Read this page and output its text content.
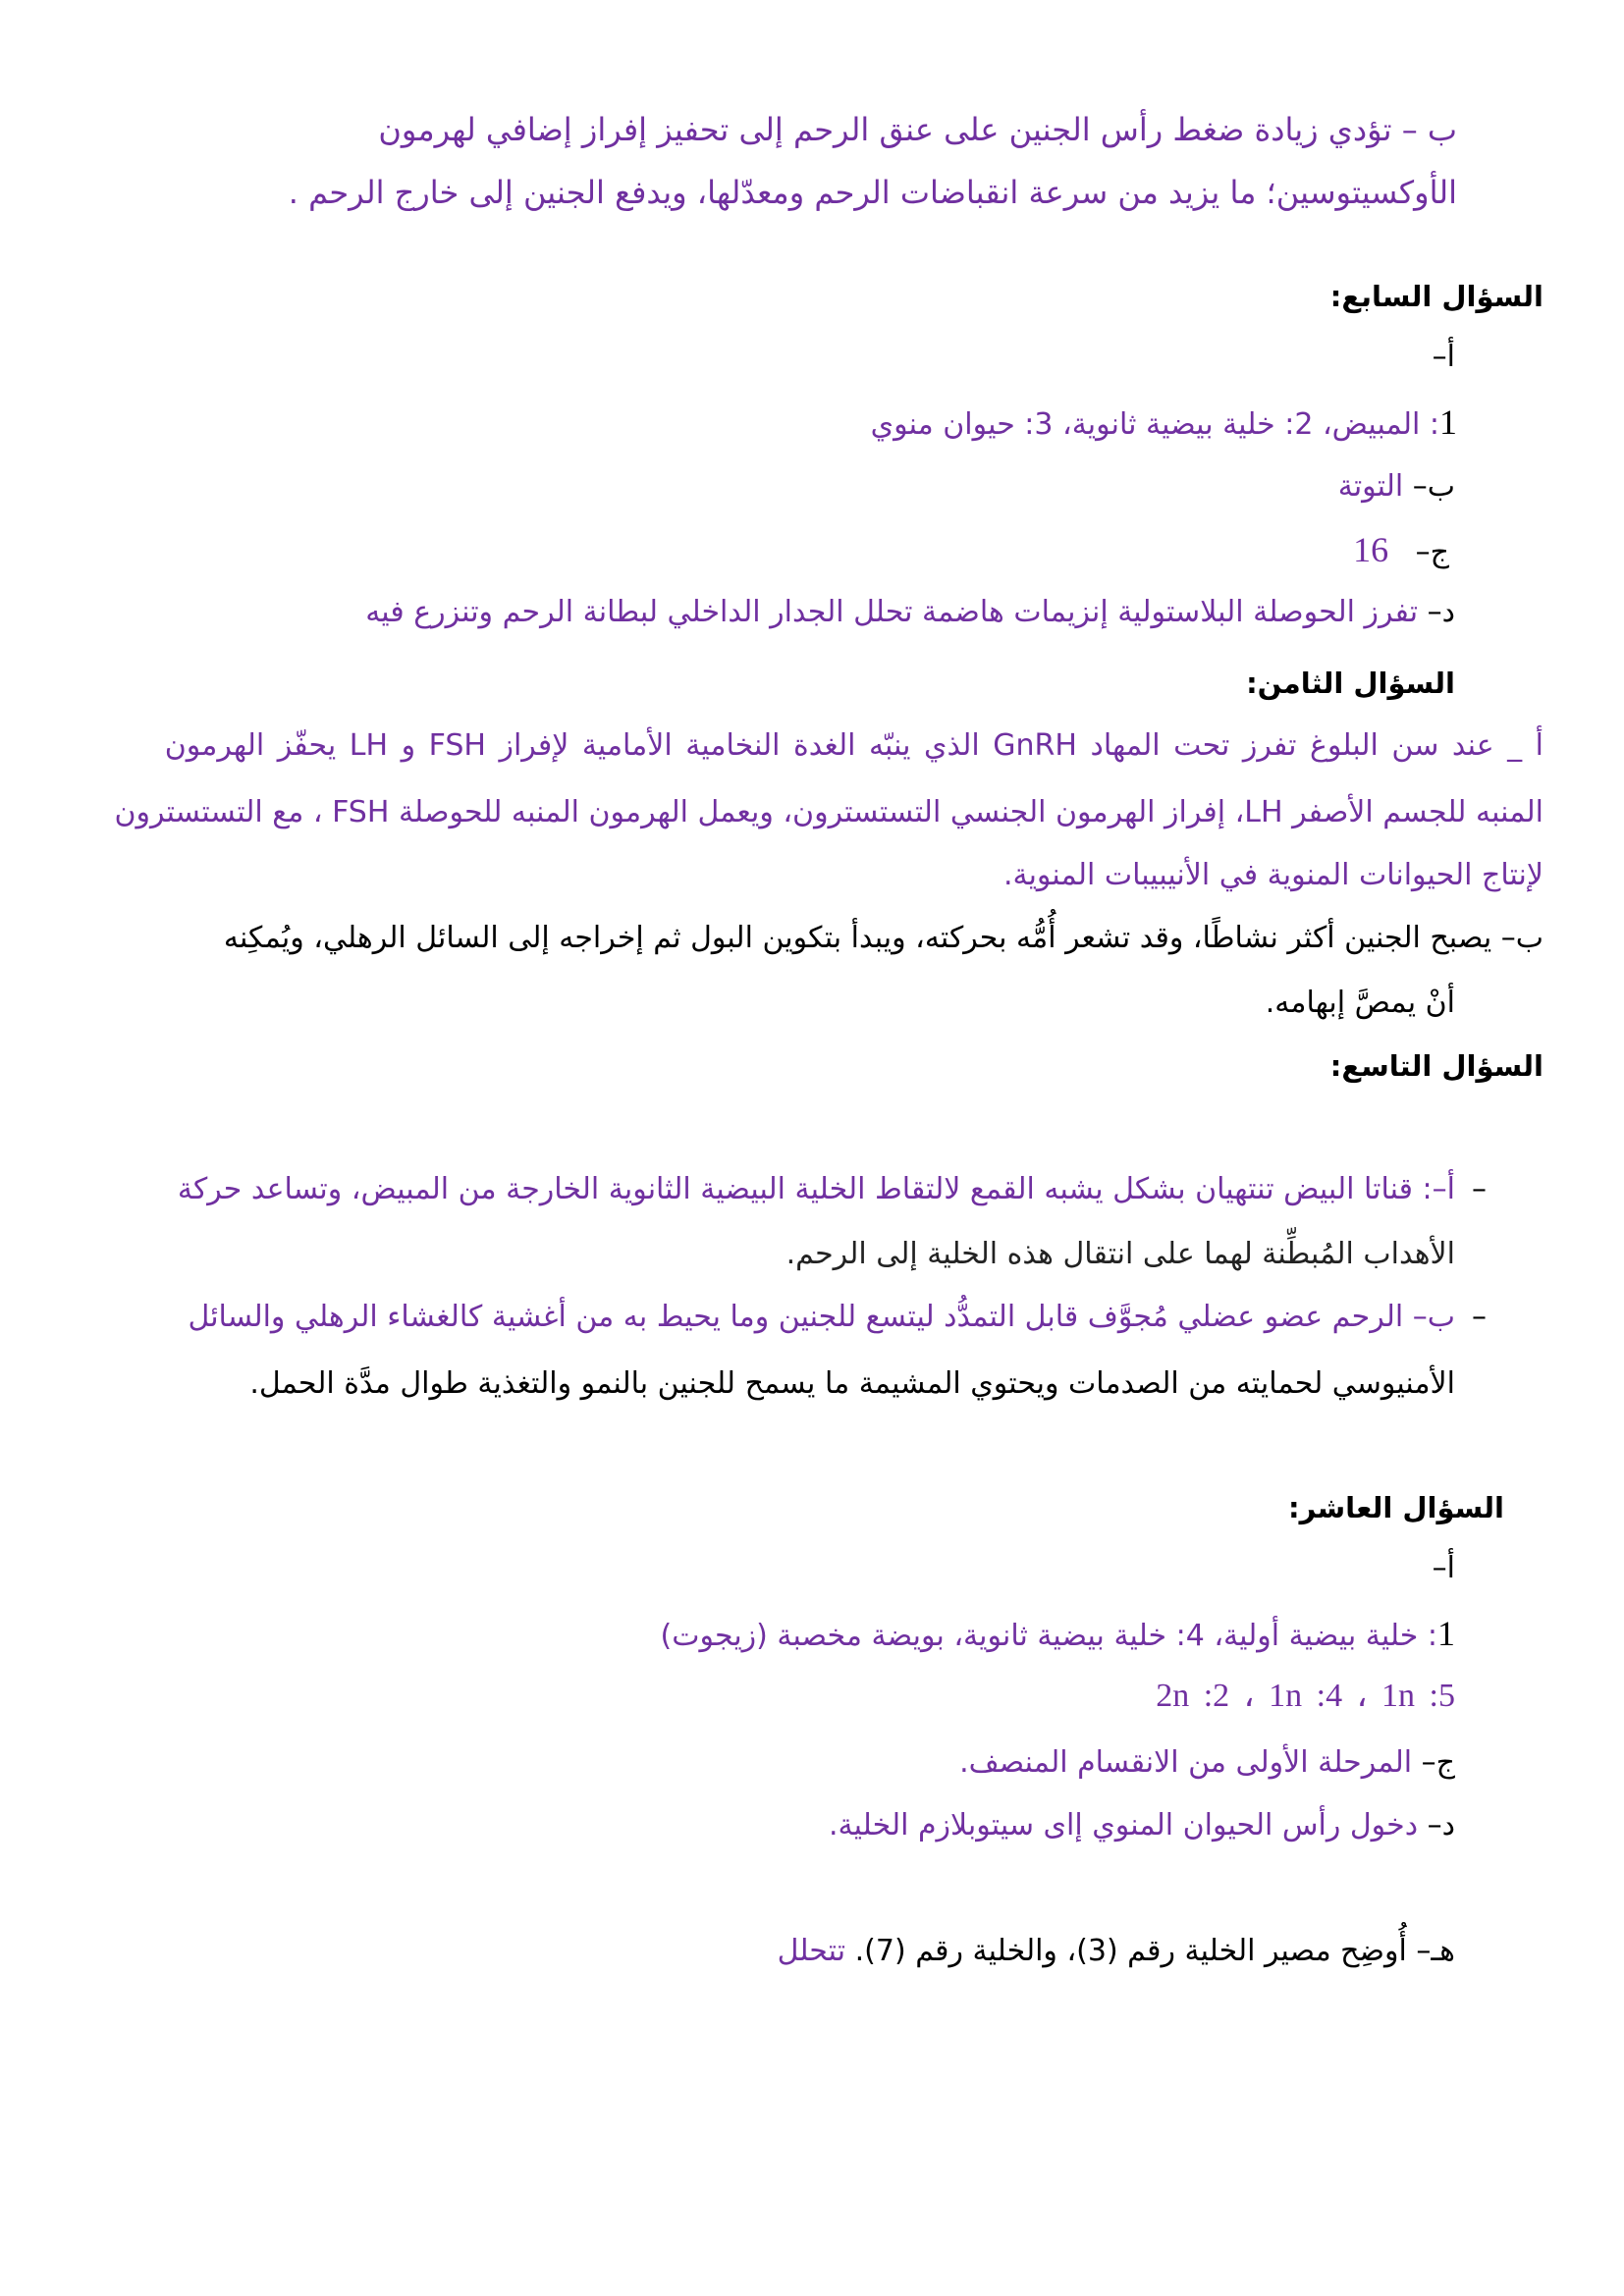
ب – تؤدي زيادة ضغط رأس الجنين على عنق الرحم إلى تحفيز إفراز إضافي لهرمون
الأوكسيتوسين؛ ما يزيد من سرعة انقباضات الرحم ومعدّلها، ويدفع الجنين إلى خارج الرحم .
السؤال السابع:
أ–
1: المبيض، 2: خلية بيضية ثانوية، 3: حيوان منوي
ب– التوتة
ج– 16
د– تفرز الحوصلة البلاستولية إنزيمات هاضمة تحلل الجدار الداخلي لبطانة الرحم وتنزرع فيه
السؤال الثامن:
أ _ عند سن البلوغ تفرز تحت المهاد GnRH الذي ينبّه الغدة النخامية الأمامية لإفراز FSH و LH يحفّز الهرمون
المنبه للجسم الأصفر LH، إفراز الهرمون الجنسي التستسترون، ويعمل الهرمون المنبه للحوصلة FSH ، مع التستسترون
لإنتاج الحيوانات المنوية في الأنيبيبات المنوية.
ب– يصبح الجنين أكثر نشاطًا، وقد تشعر أُمُّه بحركته، ويبدأ بتكوين البول ثم إخراجه إلى السائل الرهلي، ويُمكِنه
أنْ يمصَّ إبهامه.
السؤال التاسع:
–
أ–: قناتا البيض تنتهيان بشكل يشبه القمع لالتقاط الخلية البيضية الثانوية الخارجة من المبيض، وتساعد حركة
الأهداب المُبطِّنة لهما على انتقال هذه الخلية إلى الرحم.
–
ب– الرحم عضو عضلي مُجوَّف قابل التمدُّد ليتسع للجنين وما يحيط به من أغشية كالغشاء الرهلي والسائل
الأمنيوسي لحمايته من الصدمات ويحتوي المشيمة ما يسمح للجنين بالنمو والتغذية طوال مدَّة الحمل.
السؤال العاشر:
أ–
1: خلية بيضية أولية، 4: خلية بيضية ثانوية، بويضة مخصبة (زيجوت)
2n :2 ، 1n :4 ، 1n :5
ج– المرحلة الأولى من الانقسام المنصف.
د– دخول رأس الحيوان المنوي إاى سيتوبلازم الخلية.
هـ– أُوضِح مصير الخلية رقم (3)، والخلية رقم (7). تتحلل
